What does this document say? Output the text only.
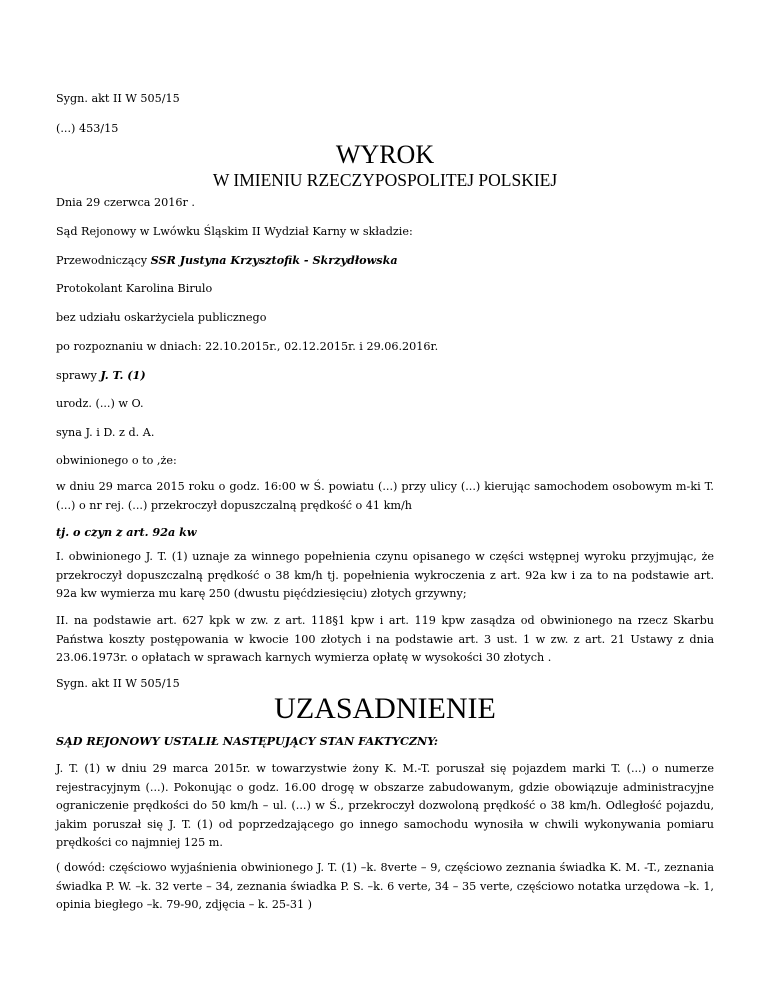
Sygn. akt II W 505/15
(...) 453/15
WYROK
W IMIENIU RZECZYPOSPOLITEJ POLSKIEJ
Dnia 29 czerwca 2016r .
Sąd Rejonowy w Lwówku Śląskim II Wydział Karny w składzie:
Przewodniczący SSR Justyna Krzysztofik - Skrzydłowska
Protokolant Karolina Birulo
bez udziału oskarżyciela publicznego
po rozpoznaniu w dniach: 22.10.2015r., 02.12.2015r. i 29.06.2016r.
sprawy J. T. (1)
urodz. (...) w O.
syna J. i D. z d. A.
obwinionego o to ,że:
w dniu 29 marca 2015 roku o godz. 16:00 w Ś. powiatu (...) przy ulicy (...) kierując samochodem osobowym m-ki T. (...) o nr rej. (...) przekroczył dopuszczalną prędkość o 41 km/h
tj. o czyn z art. 92a kw
I. obwinionego J. T. (1) uznaje za winnego popełnienia czynu opisanego w części wstępnej wyroku przyjmując, że przekroczył dopuszczalną prędkość o 38 km/h tj. popełnienia wykroczenia z art. 92a kw i za to na podstawie art. 92a kw wymierza mu karę 250 (dwustu pięćdziesięciu) złotych grzywny;
II. na podstawie art. 627 kpk w zw. z art. 118§1 kpw i art. 119 kpw zasądza od obwinionego na rzecz Skarbu Państwa koszty postępowania w kwocie 100 złotych i na podstawie art. 3 ust. 1 w zw. z art. 21 Ustawy z dnia 23.06.1973r. o opłatach w sprawach karnych wymierza opłatę w wysokości 30 złotych .
Sygn. akt II W 505/15
UZASADNIENIE
SĄD REJONOWY USTALIŁ NASTĘPUJĄCY STAN FAKTYCZNY:
J. T. (1) w dniu 29 marca 2015r. w towarzystwie żony K. M.-T. poruszał się pojazdem marki T. (...) o numerze rejestracyjnym (...). Pokonując o godz. 16.00 drogę w obszarze zabudowanym, gdzie obowiązuje administracyjne ograniczenie prędkości do 50 km/h – ul. (...) w Ś., przekroczył dozwoloną prędkość o 38 km/h. Odległość pojazdu, jakim poruszał się J. T. (1) od poprzedzającego go innego samochodu wynosiła w chwili wykonywania pomiaru prędkości co najmniej 125 m.
( dowód: częściowo wyjaśnienia obwinionego J. T. (1) –k. 8verte – 9, częściowo zeznania świadka K. M. -T., zeznania świadka P. W. –k. 32 verte – 34, zeznania świadka P. S. –k. 6 verte, 34 – 35 verte, częściowo notatka urzędowa –k. 1, opinia biegłego –k. 79-90, zdjęcia – k. 25-31 )
